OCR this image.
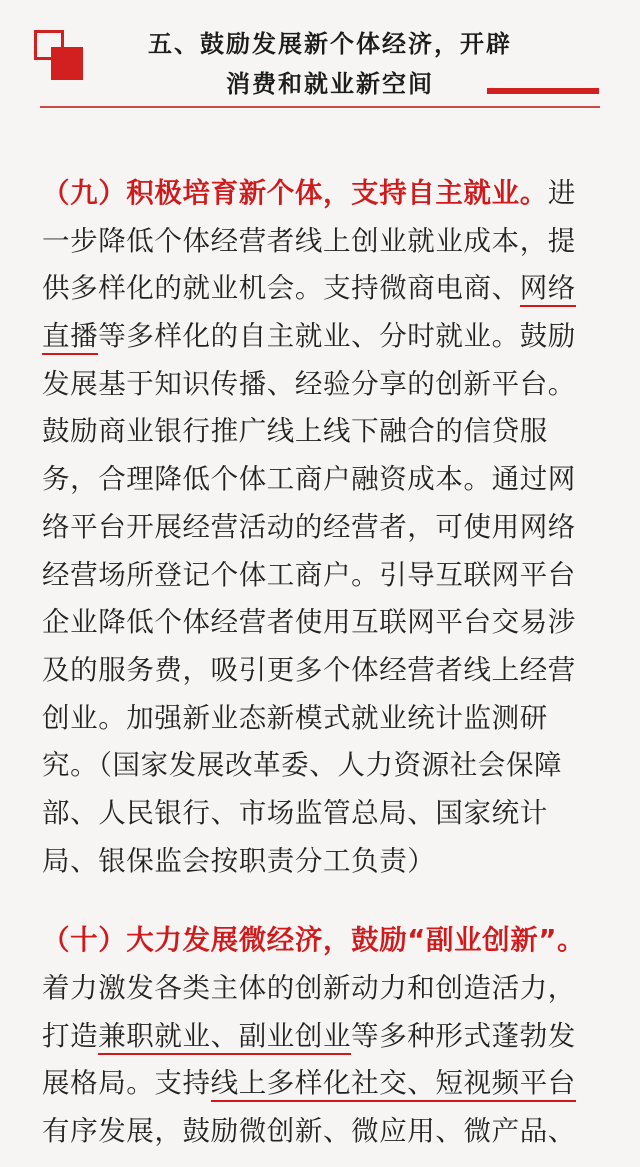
五、鼓励发展新个体经济，开辟
消费和就业新空间
（九）积极培育新个体，支持自主就业。进
一步降低个体经营者线上创业就业成本，提
供多样化的就业机会。支持微商电商、网络
直播等多样化的自主就业、分时就业。鼓励
发展基于知识传播、经验分享的创新平台。
鼓励商业银行推广线上线下融合的信贷服
务，合理降低个体工商户融资成本。通过网
络平台开展经营活动的经营者，可使用网络
经营场所登记个体工商户。引导互联网平台
企业降低个体经营者使用互联网平台交易涉
及的服务费，吸引更多个体经营者线上经营
创业。加强新业态新模式就业统计监测研
究。（国家发展改革委、人力资源社会保障
部、人民银行、市场监管总局、国家统计
局、银保监会按职责分工负责）
（十）大力发展微经济，鼓励“副业创新”。
着力激发各类主体的创新动力和创造活力，
打造兼职就业、副业创业等多种形式蓬勃发
展格局。支持线上多样化社交、短视频平台
有序发展，鼓励微创新、微应用、微产品、
